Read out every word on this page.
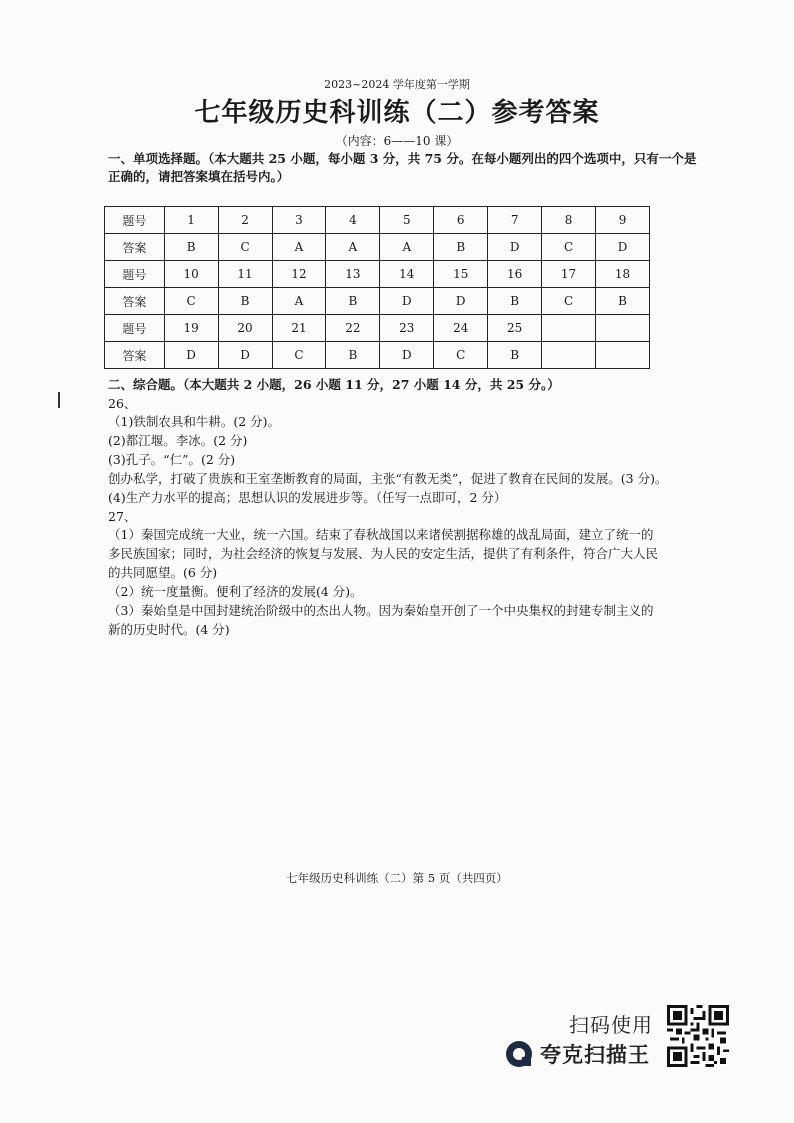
2023~2024 学年度第一学期
七年级历史科训练（二）参考答案
（内容：6——10 课）
一、单项选择题。（本大题共 25 小题，每小题 3 分，共 75 分。在每小题列出的四个选项中，只有一个是
正确的，请把答案填在括号内。）
题号	1	2	3	4	5	6	7	8	9
答案	B	C	A	A	A	B	D	C	D
题号	10	11	12	13	14	15	16	17	18
答案	C	B	A	B	D	D	B	C	B
题号	19	20	21	22	23	24	25		
答案	D	D	C	B	D	C	B		
二、综合题。（本大题共 2 小题，26 小题 11 分，27 小题 14 分，共 25 分。）
26、
（1)铁制农具和牛耕。(2 分)。
(2)都江堰。李冰。(2 分)
(3)孔子。“仁”。(2 分)
创办私学，打破了贵族和王室垄断教育的局面，主张“有教无类”，促进了教育在民间的发展。(3 分)。
(4)生产力水平的提高；思想认识的发展进步等。（任写一点即可，2 分）
27、
（1）秦国完成统一大业，统一六国。结束了春秋战国以来诸侯割据称雄的战乱局面，建立了统一的
多民族国家；同时，为社会经济的恢复与发展、为人民的安定生活，提供了有利条件，符合广大人民
的共同愿望。(6 分)
（2）统一度量衡。便利了经济的发展(4 分)。
（3）秦始皇是中国封建统治阶级中的杰出人物。因为秦始皇开创了一个中央集权的封建专制主义的
新的历史时代。(4 分)
七年级历史科训练（二）第 5 页（共四页）
扫码使用
夸克扫描王
